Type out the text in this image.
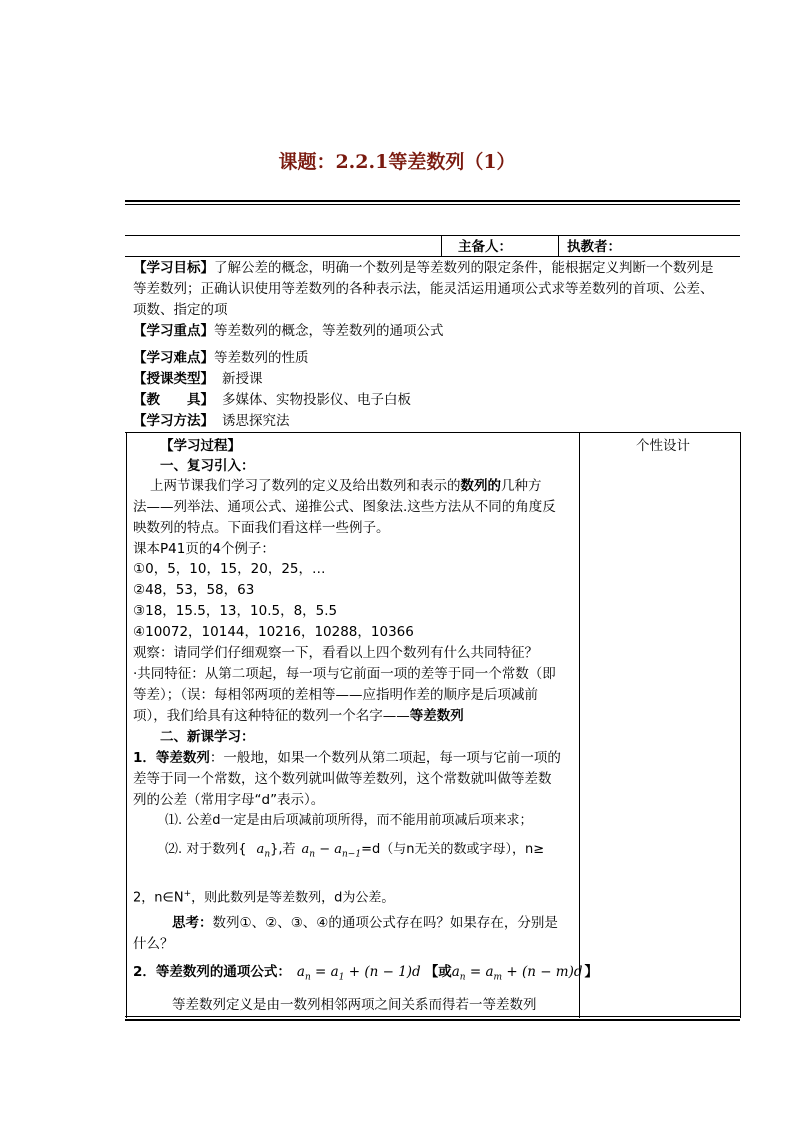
课题：2.2.1等差数列（1）
主备人：	执教者：
【学习目标】了解公差的概念，明确一个数列是等差数列的限定条件，能根据定义判断一个数列是
等差数列；正确认识使用等差数列的各种表示法，能灵活运用通项公式求等差数列的首项、公差、
项数、指定的项
【学习重点】等差数列的概念，等差数列的通项公式
【学习难点】等差数列的性质
【授课类型】 新授课
【教　　具】 多媒体、实物投影仪、电子白板
【学习方法】 诱思探究法
【学习过程】	个性设计
一、复习引入：
上两节课我们学习了数列的定义及给出数列和表示的数列的几种方
法——列举法、通项公式、递推公式、图象法.这些方法从不同的角度反
映数列的特点。下面我们看这样一些例子。
课本P41页的4个例子：
①0，5，10，15，20，25，…
②48，53，58，63
③18，15.5，13，10.5，8，5.5
④10072，10144，10216，10288，10366
观察：请同学们仔细观察一下，看看以上四个数列有什么共同特征？
·共同特征：从第二项起，每一项与它前面一项的差等于同一个常数（即
等差）；（误：每相邻两项的差相等——应指明作差的顺序是后项减前
项），我们给具有这种特征的数列一个名字——等差数列
二、新课学习：
1．等差数列：一般地，如果一个数列从第二项起，每一项与它前一项的
差等于同一个常数，这个数列就叫做等差数列，这个常数就叫做等差数
列的公差（常用字母“d”表示）。
⑴. 公差d一定是由后项减前项所得，而不能用前项减后项来求；
⑵. 对于数列{ $a_n$},若 $a_n - a_{n-1}=d$（与n无关的数或字母），n≥
2，n∈N+，则此数列是等差数列，d为公差。
思考：数列①、②、③、④的通项公式存在吗？如果存在，分别是
什么？
2．等差数列的通项公式： $a_n = a_1 + (n - 1)d$ 【或$a_n = a_m + (n - m)d$ 】
等差数列定义是由一数列相邻两项之间关系而得若一等差数列
